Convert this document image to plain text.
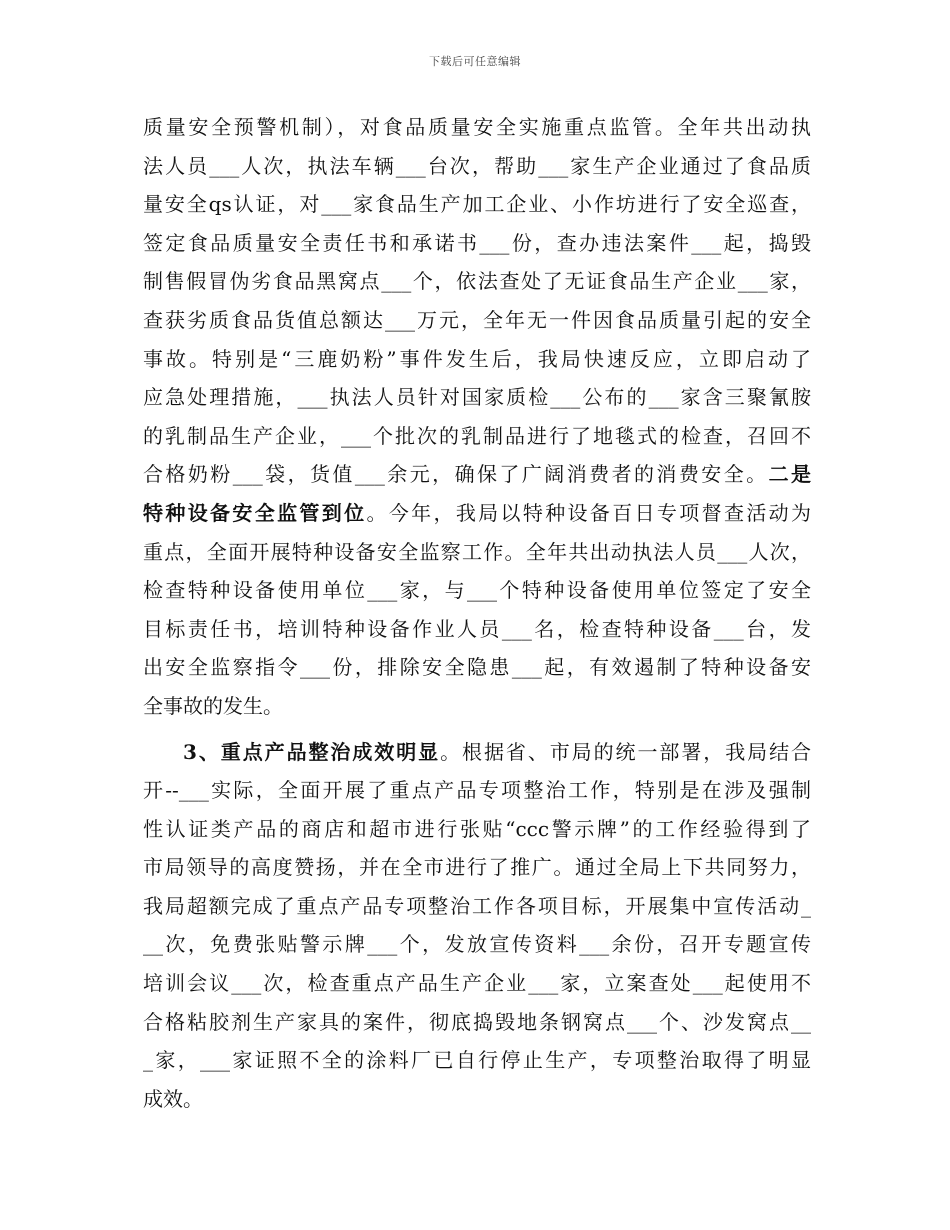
下载后可任意编辑
质量安全预警机制），对食品质量安全实施重点监管。全年共出动执
法人员___人次，执法车辆___台次，帮助___家生产企业通过了食品质
量安全qs认证，对___家食品生产加工企业、小作坊进行了安全巡查，
签定食品质量安全责任书和承诺书___份，查办违法案件___起，捣毁
制售假冒伪劣食品黑窝点___个，依法查处了无证食品生产企业___家，
查获劣质食品货值总额达___万元，全年无一件因食品质量引起的安全
事故。特别是“三鹿奶粉”事件发生后，我局快速反应，立即启动了
应急处理措施，___执法人员针对国家质检___公布的___家含三聚氰胺
的乳制品生产企业，___个批次的乳制品进行了地毯式的检查，召回不
合格奶粉___袋，货值___余元，确保了广阔消费者的消费安全。二是
特种设备安全监管到位。今年，我局以特种设备百日专项督查活动为
重点，全面开展特种设备安全监察工作。全年共出动执法人员___人次，
检查特种设备使用单位___家，与___个特种设备使用单位签定了安全
目标责任书，培训特种设备作业人员___名，检查特种设备___台，发
出安全监察指令___份，排除安全隐患___起，有效遏制了特种设备安
全事故的发生。
3、重点产品整治成效明显。根据省、市局的统一部署，我局结合
开--___实际，全面开展了重点产品专项整治工作，特别是在涉及强制
性认证类产品的商店和超市进行张贴“ccc警示牌”的工作经验得到了
市局领导的高度赞扬，并在全市进行了推广。通过全局上下共同努力，
我局超额完成了重点产品专项整治工作各项目标，开展集中宣传活动_
__次，免费张贴警示牌___个，发放宣传资料___余份，召开专题宣传
培训会议___次，检查重点产品生产企业___家，立案查处___起使用不
合格粘胶剂生产家具的案件，彻底捣毁地条钢窝点___个、沙发窝点__
_家，___家证照不全的涂料厂已自行停止生产，专项整治取得了明显
成效。
